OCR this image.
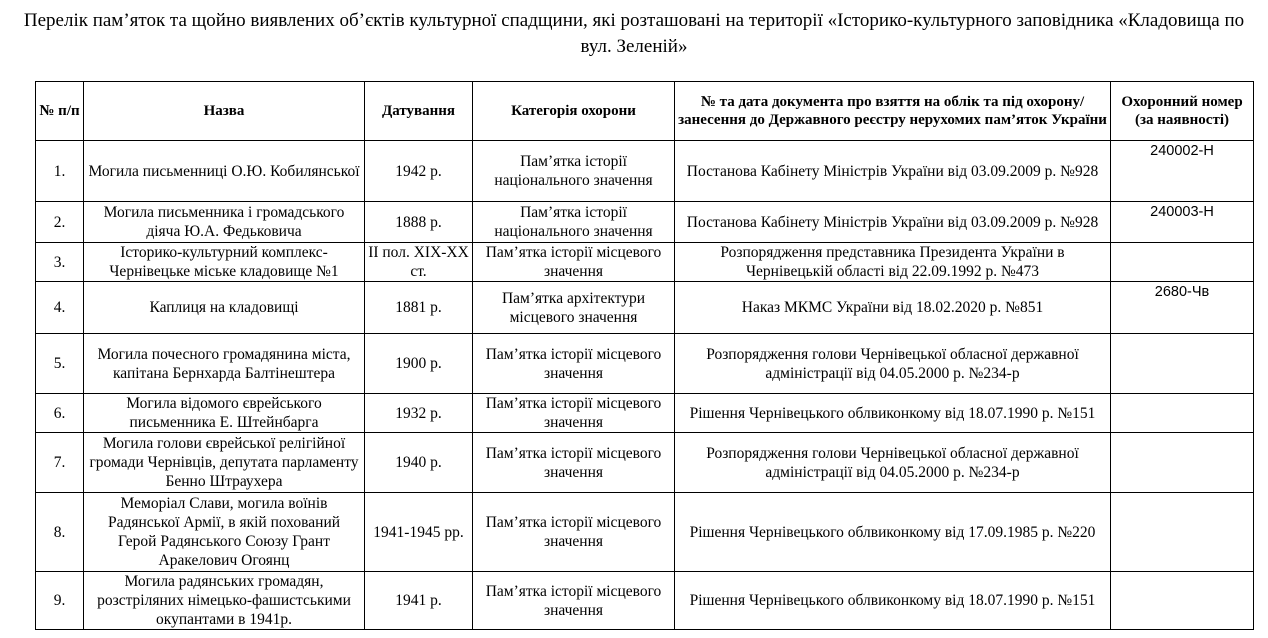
Перелік пам’яток та щойно виявлених об’єктів культурної спадщини, які розташовані на території «Історико-культурного заповідника «Кладовища по вул. Зеленій»
№ п/п	Назва	Датування	Категорія охорони	№ та дата документа про взяття на облік та під охорону/ занесення до Державного реєстру нерухомих пам’яток України	Охоронний номер (за наявності)
1.	Могила письменниці О.Ю. Кобилянської	1942 р.	Пам’ятка історії національного значення	Постанова Кабінету Міністрів України від 03.09.2009 р. №928	240002-Н
2.	Могила письменника і громадського діяча Ю.А. Федьковича	1888 р.	Пам’ятка історії національного значення	Постанова Кабінету Міністрів України від 03.09.2009 р. №928	240003-Н
3.	Історико-культурний комплекс-Чернівецьке міське кладовище №1	II пол. XIX-XX ст.	Пам’ятка історії місцевого значення	Розпорядження представника Президента України в Чернівецькій області від 22.09.1992 р. №473	
4.	Каплиця на кладовищі	1881 р.	Пам’ятка архітектури місцевого значення	Наказ МКМС України від 18.02.2020 р. №851	2680-Чв
5.	Могила почесного громадянина міста, капітана Бернхарда Балтінештера	1900 р.	Пам’ятка історії місцевого значення	Розпорядження голови Чернівецької обласної державної адміністрації від 04.05.2000 р. №234-р	
6.	Могила відомого єврейського письменника Е. Штейнбарга	1932 р.	Пам’ятка історії місцевого значення	Рішення Чернівецького облвиконкому від 18.07.1990 р. №151	
7.	Могила голови єврейської релігійної громади Чернівців, депутата парламенту Бенно Штраухера	1940 р.	Пам’ятка історії місцевого значення	Розпорядження голови Чернівецької обласної державної адміністрації від 04.05.2000 р. №234-р	
8.	Меморіал Слави, могила воїнів Радянської Армії, в якій похований Герой Радянського Союзу Грант Аракелович Огоянц	1941-1945 рр.	Пам’ятка історії місцевого значення	Рішення Чернівецького облвиконкому від 17.09.1985 р. №220	
9.	Могила радянських громадян, розстріляних німецько-фашистськими окупантами в 1941р.	1941 р.	Пам’ятка історії місцевого значення	Рішення Чернівецького облвиконкому від 18.07.1990 р. №151	
